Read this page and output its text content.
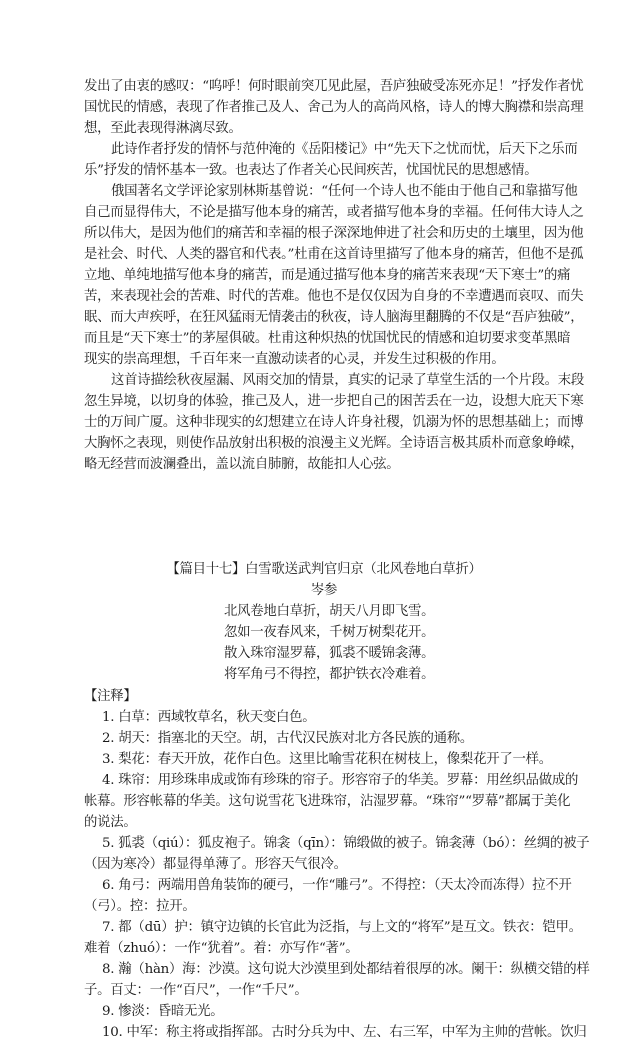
发出了由衷的感叹：“呜呼！何时眼前突兀见此屋，吾庐独破受冻死亦足！”抒发作者忧
国忧民的情感，表现了作者推己及人、舍己为人的高尚风格，诗人的博大胸襟和崇高理
想，至此表现得淋漓尽致。
此诗作者抒发的情怀与范仲淹的《岳阳楼记》中“先天下之忧而忧，后天下之乐而
乐”抒发的情怀基本一致。也表达了作者关心民间疾苦，忧国忧民的思想感情。
俄国著名文学评论家别林斯基曾说：“任何一个诗人也不能由于他自己和靠描写他
自己而显得伟大，不论是描写他本身的痛苦，或者描写他本身的幸福。任何伟大诗人之
所以伟大，是因为他们的痛苦和幸福的根子深深地伸进了社会和历史的土壤里，因为他
是社会、时代、人类的器官和代表。”杜甫在这首诗里描写了他本身的痛苦，但他不是孤
立地、单纯地描写他本身的痛苦，而是通过描写他本身的痛苦来表现“天下寒士”的痛
苦，来表现社会的苦难、时代的苦难。他也不是仅仅因为自身的不幸遭遇而哀叹、而失
眠、而大声疾呼，在狂风猛雨无情袭击的秋夜，诗人脑海里翻腾的不仅是“吾庐独破”，
而且是“天下寒士”的茅屋俱破。杜甫这种炽热的忧国忧民的情感和迫切要求变革黑暗
现实的崇高理想，千百年来一直激动读者的心灵，并发生过积极的作用。
这首诗描绘秋夜屋漏、风雨交加的情景，真实的记录了草堂生活的一个片段。末段
忽生异境，以切身的体验，推己及人，进一步把自己的困苦丢在一边，设想大庇天下寒
士的万间广厦。这种非现实的幻想建立在诗人许身社稷，饥溺为怀的思想基础上；而博
大胸怀之表现，则使作品放射出积极的浪漫主义光辉。全诗语言极其质朴而意象峥嵘，
略无经营而波澜叠出，盖以流自肺腑，故能扣人心弦。
【篇目十七】白雪歌送武判官归京（北风卷地白草折）
岑参
北风卷地白草折，胡天八月即飞雪。
忽如一夜春风来，千树万树梨花开。
散入珠帘湿罗幕，狐裘不暖锦衾薄。
将军角弓不得控，都护铁衣冷难着。
【注释】
1. 白草：西域牧草名，秋天变白色。
2. 胡天：指塞北的天空。胡，古代汉民族对北方各民族的通称。
3. 梨花：春天开放，花作白色。这里比喻雪花积在树枝上，像梨花开了一样。
4. 珠帘：用珍珠串成或饰有珍珠的帘子。形容帘子的华美。罗幕：用丝织品做成的
帐幕。形容帐幕的华美。这句说雪花飞进珠帘，沾湿罗幕。“珠帘”“罗幕”都属于美化
的说法。
5. 狐裘（qiú）：狐皮袍子。锦衾（qīn）：锦缎做的被子。锦衾薄（bó）：丝绸的被子
（因为寒冷）都显得单薄了。形容天气很冷。
6. 角弓：两端用兽角装饰的硬弓，一作“雕弓”。不得控：（天太冷而冻得）拉不开
（弓）。控：拉开。
7. 都（dū）护：镇守边镇的长官此为泛指，与上文的“将军”是互文。铁衣：铠甲。
难着（zhuó）：一作“犹着”。着：亦写作“著”。
8. 瀚（hàn）海：沙漠。这句说大沙漠里到处都结着很厚的冰。阑干：纵横交错的样
子。百丈：一作“百尺”，一作“千尺”。
9. 惨淡：昏暗无光。
10. 中军：称主将或指挥部。古时分兵为中、左、右三军，中军为主帅的营帐。饮归
